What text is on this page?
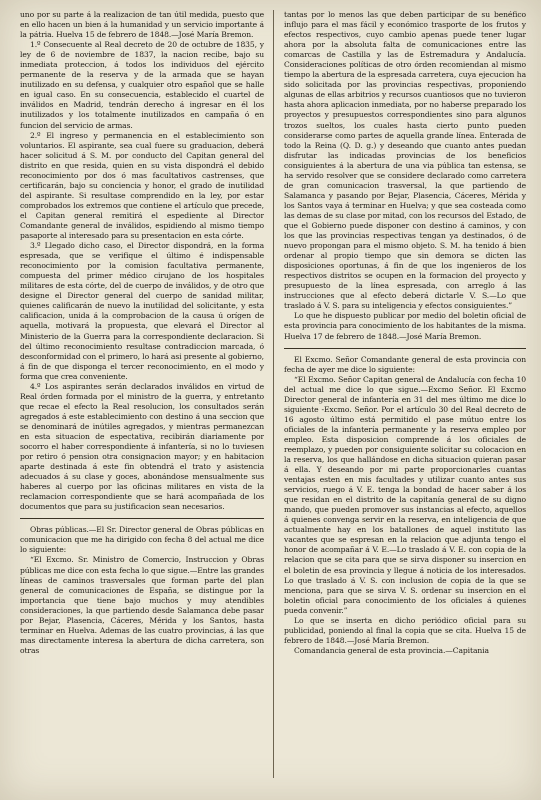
uno por su parte á la realizacion de tan útil medida, puesto que en ello hacen un bien á la humanidad y un servicio importante á la pátria. Huelva 15 de febrero de 1848.—José María Bremon.

1.º Consecuente al Real decreto de 20 de octubre de 1835, y ley de 6 de noviembre de 1837, la nacion recibe, bajo su inmediata proteccion, á todos los individuos del ejército permanente de la reserva y de la armada que se hayan inutilizado en su defensa, y cualquier otro español que se halle en igual caso. En su consecuencia, establecido el cuartel de inválidos en Madrid, tendrán derecho á ingresar en él los inutilizados y los totalmente inutilizados en campaña ó en funcion del servicio de armas.

2.º El ingreso y permanencia en el establecimiento son voluntarios. El aspirante, sea cual fuere su graduacion, deberá hacer solicitud á S. M. por conducto del Capitan general del distrito en que resida, quien en su vista dispondrá el debido reconocimiento por dos ó mas facultativos castrenses, que certificarán, bajo su conciencia y honor, el grado de inutilidad del aspirante. Si resultase comprendido en la ley, por estar comprobados los extremos que contiene el artículo que precede, el Capitan general remitirá el espediente al Director Comandante general de inválidos, espidiendo al mismo tiempo pasaporte al interesado para su presentacion en esta córte.

3.º Llegado dicho caso, el Director dispondrá, en la forma espresada, que se verifique el último é indispensable reconocimiento por la comision facultativa permanente, compuesta del primer médico cirujano de los hospitales militares de esta córte, del de cuerpo de inválidos, y de otro que designe el Director general del cuerpo de sanidad militar, quienes calificarán de nuevo la inutilidad del solicitante, y esta calificacion, unida á la comprobacion de la causa ú orígen de aquella, motivará la propuesta, que elevará el Director al Ministerio de la Guerra para la correspondiente declaracion. Si del último reconocimiento resultase contradiccion marcada, ó desconformidad con el primero, lo hará asi presente al gobierno, á fin de que disponga el tercer reconocimiento, en el modo y forma que crea conveniente.

4.º Los aspirantes serán declarados inválidos en virtud de Real órden formada por el ministro de la guerra, y entretanto que recae el efecto la Real resolucion, los consultados serán agregados á este establecimiento con destino á una seccion que se denominará de inútiles agregados, y mientras permanezcan en esta situacion de espectativa, recibirán diariamente por socorro el haber correspondiente á infantería, si no lo tuviesen por retiro ó pension otra consignacion mayor; y en habitacion aparte destinada á este fin obtendrá el trato y asistencia adecuados á su clase y goces, abonándose mensualmente sus haberes al cuerpo por las oficinas militares en vista de la reclamacion correspondiente que se hará acompañada de los documentos que para su justificacion sean necesarios.

Obras públicas.—El Sr. Director general de Obras públicas en comunicacion que me ha dirigido con fecha 8 del actual me dice lo siguiente:

“El Excmo. Sr. Ministro de Comercio, Instruccion y Obras públicas me dice con esta fecha lo que sigue.—Entre las grandes líneas de caminos trasversales que forman parte del plan general de comunicaciones de España, se distingue por la importancia que tiene bajo muchos y muy atendibles consideraciones, la que partiendo desde Salamanca debe pasar por Bejar, Plasencia, Cáceres, Mérida y los Santos, hasta terminar en Huelva. Ademas de las cuatro provincias, á las que mas directamente interesa la abertura de dicha carretera, son otras

tantas por lo menos las que deben participar de su benéfico influjo para el mas fácil y económico trasporte de los frutos y efectos respectivos, cuyo cambio apenas puede tener lugar ahora por la absoluta falta de comunicaciones entre las comarcas de Castilla y las de Estremadura y Andalucía. Consideraciones políticas de otro órden recomiendan al mismo tiempo la abertura de la espresada carretera, cuya ejecucion ha sido solicitada por las provincias respectivas, proponiendo algunas de ellas arbitrios y recursos cuantiosos que no tuvieron hasta ahora aplicacion inmediata, por no haberse preparado los proyectos y presupuestos correspondientes sino para algunos trozos sueltos, los cuales hasta cierto punto pueden considerarse como partes de aquella grande línea. Enterada de todo la Reina (Q. D. g.) y deseando que cuanto antes puedan disfrutar las indicadas provincias de los beneficios consiguientes á la abertura de una via pública tan estensa, se ha servido resolver que se considere declarado como carretera de gran comunicacion trasversal, la que partiendo de Salamanca y pasando por Bejar, Plasencia, Cáceres, Mérida y los Santos vaya á terminar en Huelva; y que sea costeada como las demas de su clase por mitad, con los recursos del Estado, de que el Gobierno puede disponer con destino á caminos, y con los que las provincias respectivas tengan ya destinados, ó de nuevo propongan para el mismo objeto. S. M. ha tenido á bien ordenar al propio tiempo que sin demora se dicten las disposiciones oportunas, á fin de que los ingenieros de los respectivos distritos se ocupen en la formacion del proyecto y presupuesto de la línea espresada, con arreglo á las instrucciones que al efecto deberá dictarle V. S.—Lo que traslado á V. S. para su inteligencia y efectos consiguientes.”

Lo que he dispuesto publicar por medio del boletin oficial de esta provincia para conocimiento de los habitantes de la misma. Huelva 17 de febrero de 1848.—José María Bremon.

El Excmo. Señor Comandante general de esta provincia con fecha de ayer me dice lo siguiente:

“El Excmo. Señor Capitan general de Andalucía con fecha 10 del actual me dice lo que sigue.—Excmo Señor. El Excmo Director general de infantería en 31 del mes último me dice lo siguiente -Excmo. Señor. Por el artículo 30 del Real decreto de 16 agosto último está permitido el pase mútuo entre los oficiales de la infantería permanente y la reserva empleo por empleo. Esta disposicion comprende á los oficiales de reemplazo, y pueden por consiguiente solicitar su colocacion en la reserva, los que hallándose en dicha situacion quieran pasar á ella. Y deseando por mi parte proporcionarles cuantas ventajas esten en mis facultades y utilizar cuanto antes sus servicios, ruego á V. E. tenga la bondad de hacer saber á los que residan en el distrito de la capitanía general de su digno mando, que pueden promover sus instancias al efecto, aquellos á quienes convenga servir en la reserva, en inteligencia de que actualmente hay en los batallones de aquel instituto las vacantes que se espresan en la relacion que adjunta tengo el honor de acompañar á V. E.—Lo traslado á V. E. con copia de la relacion que se cita para que se sirva disponer su insercion en el boletin de esa provincia y llegue á noticia de los interesados. Lo que traslado á V. S. con inclusion de copia de la que se menciona, para que se sirva V. S. ordenar su insercion en el boletin oficial para conocimiento de los oficiales á quienes pueda convenir.”

Lo que se inserta en dicho periódico oficial para su publicidad, poniendo al final la copia que se cita. Huelva 15 de febrero de 1848.—José María Bremon.

Comandancia general de esta provincia.—Capitania
